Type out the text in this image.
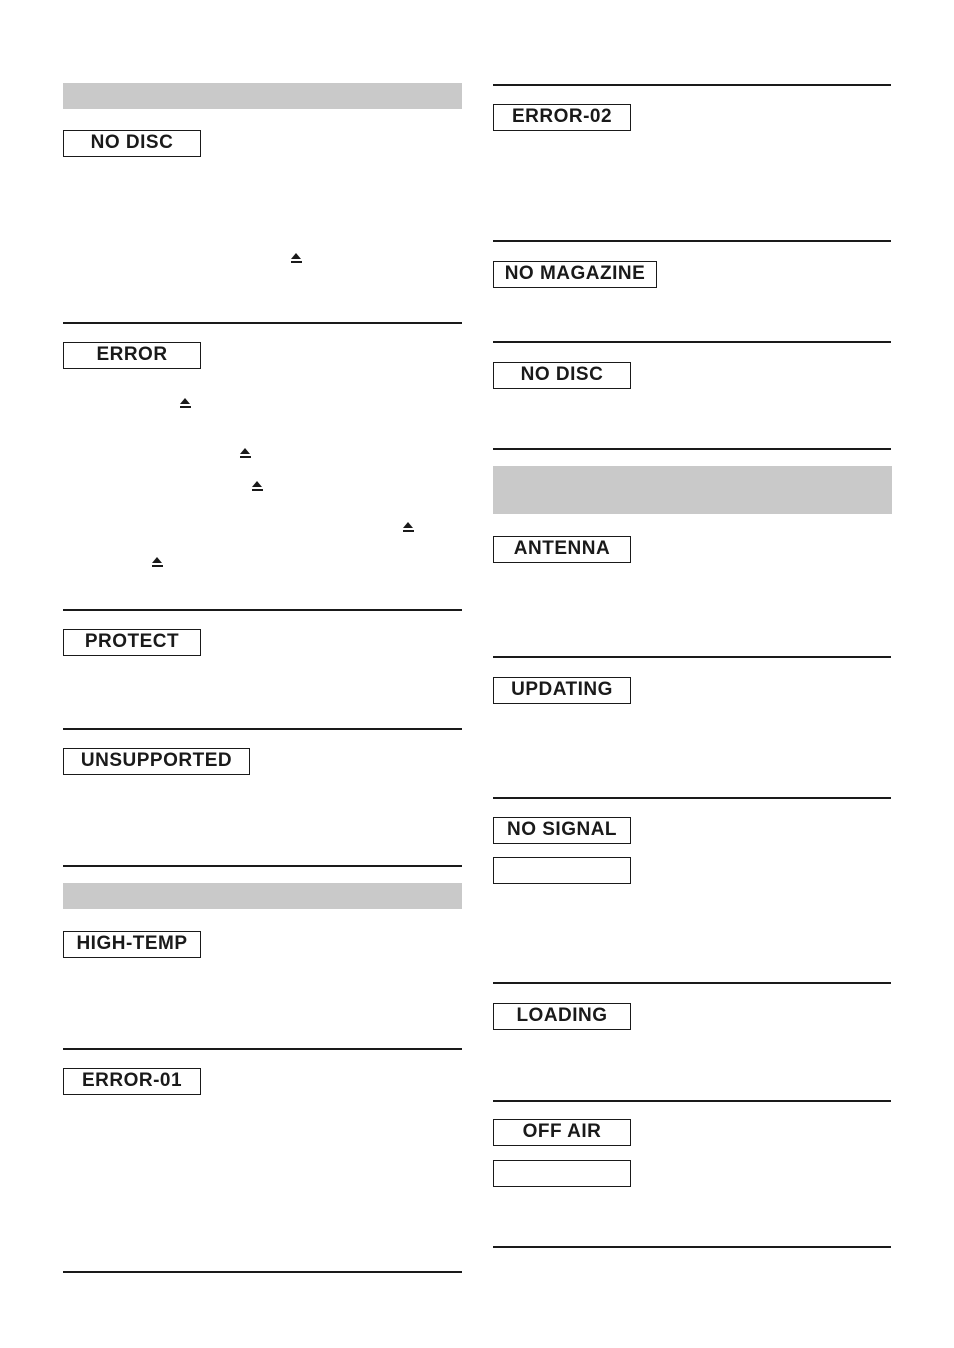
NO DISC
ERROR
PROTECT
UNSUPPORTED
HIGH-TEMP
ERROR-01
ERROR-02
NO MAGAZINE
NO DISC
ANTENNA
UPDATING
NO SIGNAL
LOADING
OFF AIR
